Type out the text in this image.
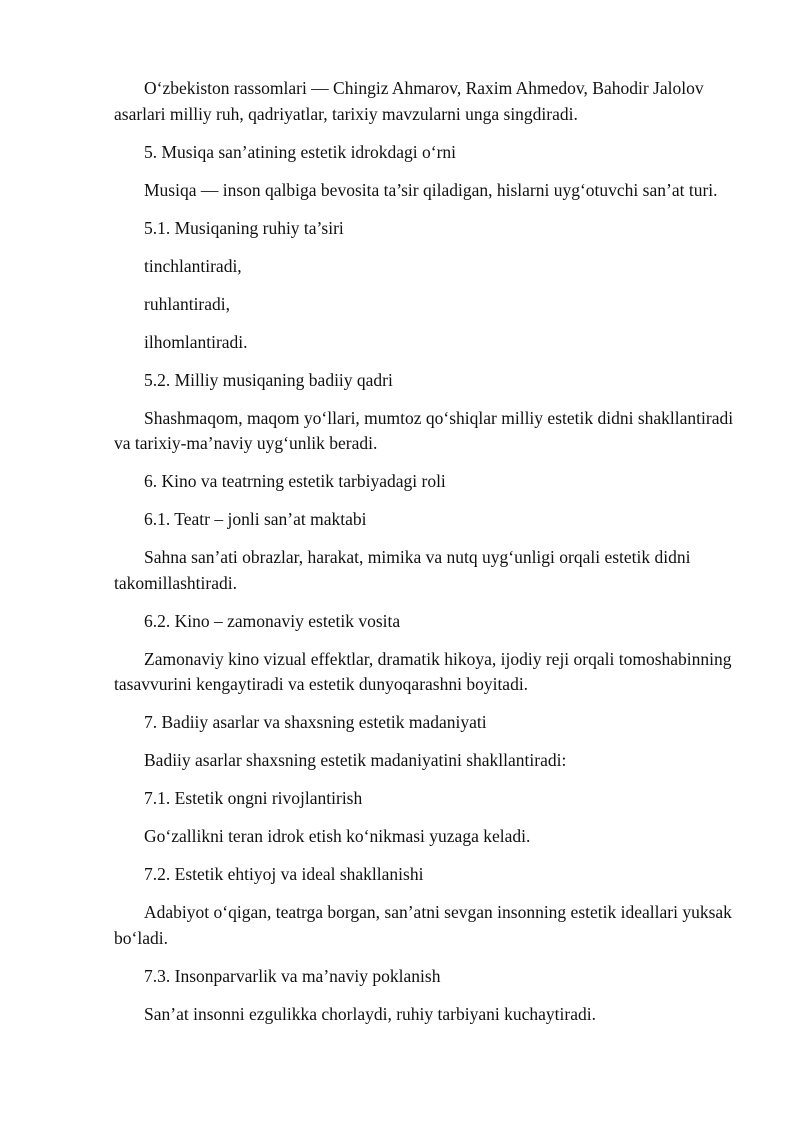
O‘zbekiston rassomlari — Chingiz Ahmarov, Raxim Ahmedov, Bahodir Jalolov asarlari milliy ruh, qadriyatlar, tarixiy mavzularni unga singdiradi.

5. Musiqa san’atining estetik idrokdagi o‘rni

Musiqa — inson qalbiga bevosita ta’sir qiladigan, hislarni uyg‘otuvchi san’at turi.

5.1. Musiqaning ruhiy ta’siri

tinchlantiradi,

ruhlantiradi,

ilhomlantiradi.

5.2. Milliy musiqaning badiiy qadri

Shashmaqom, maqom yo‘llari, mumtoz qo‘shiqlar milliy estetik didni shakllantiradi va tarixiy-ma’naviy uyg‘unlik beradi.

6. Kino va teatrning estetik tarbiyadagi roli

6.1. Teatr – jonli san’at maktabi

Sahna san’ati obrazlar, harakat, mimika va nutq uyg‘unligi orqali estetik didni takomillashtiradi.

6.2. Kino – zamonaviy estetik vosita

Zamonaviy kino vizual effektlar, dramatik hikoya, ijodiy reji orqali tomoshabinning tasavvurini kengaytiradi va estetik dunyoqarashni boyitadi.

7. Badiiy asarlar va shaxsning estetik madaniyati

Badiiy asarlar shaxsning estetik madaniyatini shakllantiradi:

7.1. Estetik ongni rivojlantirish

Go‘zallikni teran idrok etish ko‘nikmasi yuzaga keladi.

7.2. Estetik ehtiyoj va ideal shakllanishi

Adabiyot o‘qigan, teatrga borgan, san’atni sevgan insonning estetik ideallari yuksak bo‘ladi.

7.3. Insonparvarlik va ma’naviy poklanish

San’at insonni ezgulikka chorlaydi, ruhiy tarbiyani kuchaytiradi.
